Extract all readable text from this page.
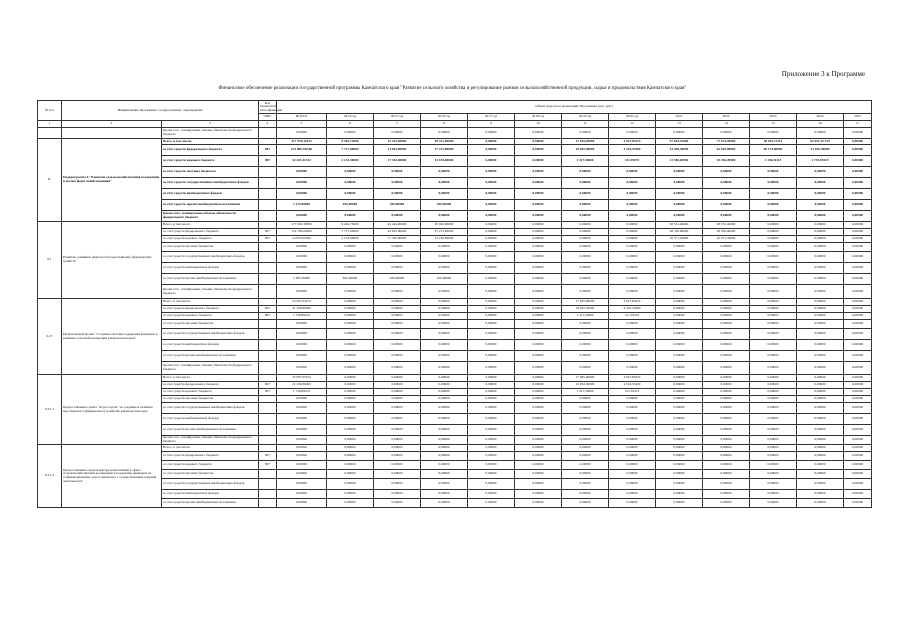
Приложение 3 к Программе
Финансовое обеспечение реализации государственной программы Камчатского края "Развитие сельского хозяйства и регулирование рынков сельскохозяйственной продукции, сырья и продовольствия Камчатского края"
№ п/п	Наименование Программы / подпрограммы / мероприятия		Код бюджетной классификации	Объем средств на реализацию Программы (тыс. руб.)												
			ГРБС	ВСЕГО	2014 год	2015 год	2016 год	2017 год	2018 год	2019 год	2020 год	2021	2022	2023	2024	2025
1	2	3	4	5	6	7	8	9	10	11	12	13	14	15	16	17
		Кроме того, планируемые объемы обязательств федерального бюджета		0,00000	0,00000	0,00000	0,00000	0,00000	0,00000	0,00000	0,00000	0,00000	0,00000	0,00000	0,00000	0,00000
6.	Подпрограмма 6 "Развитие сельскохозяйственной кооперации и малых форм хозяйствования"	Всего, в том числе:		317 978,42412	9 462,73000	42 424,00000	58 312,00000	0,00000	0,00000	27 635,02000	4 627,83474	97 644,32900	77 074,49900	85 691,21113	82 551,35 515	0,00000
		за счет средств федерального бюджета	807	274 860,700,00	7 717,00000	24 652,00000	37 213,00000	0,00000	0,00000	26 052,90000	4 316,53400	44 458,30000	62 816,90000	68 174,80000	51 816,30000	0,00000
		за счет средств краевого бюджета	807	42 201,41412	2 133,30000	17 323,00000	12 183,00000	0,00000	0,00000	1 417,50000	311,39074	13 386,02900	10 256,49900	1 436,31113	1 735,95515	0,00000
		за счет средств местных бюджетов		0,00000	0,00000	0,00000	0,00000	0,00000	0,00000	0,00000	0,00000	0,00000	0,00000	0,00000	0,00000	0,00000
		за счет средств государственных внебюджетных фондов		0,00000	0,00000	0,00000	0,00000	0,00000	0,00000	0,00000	0,00000	0,00000	0,00000	0,00000	0,00000	0,00000
		за счет средств внебюджетных фондов		0,00000	0,00000	0,00000	0,00000	0,00000	0,00000	0,00000	0,00000	0,00000	0,00000	0,00000	0,00000	0,00000
		за счет средств прочих внебюджетных источников		1 215,00000	655,00000	450,00000	450,00000	0,00000	0,00000	0,00000	0,00000	0,00000	0,00000	0,00000	0,00000	0,00000
		Кроме того, планируемые объемы обязательств федерального бюджета		0,00000	0,00000	0,00000	0,00000	0,00000	0,00000	0,00000	0,00000	0,00000	0,00000	0,00000	0,00000	0,00000
6.1	Развитие семейных ферм на базе крестьянских (фермерских) хозяйств	Всего, в том числе:		177 063,39830	9 462,73000	42 424,00000	50 042,00000	0,00000	0,00000	0,00000	0,00000	58 531,46900	28 572,42000	0,00000	0,00000	0,00000
		за счет средств федерального бюджета	807	152 790,00000	7 717,00000	24 652,00000	37 213,00000	0,00000	0,00000	0,00000	0,00000	28 700,00000	28 500,00000	0,00000	0,00000	0,00000
		за счет средств краевого бюджета	807	12 870,02500	2 133,00000	17 322,00000	12 183,00000	0,00000	0,00000	0,00000	0,00000	10 571,42800	10 071,42000	0,00000	0,00000	0,00000
		за счет средств местных бюджетов		0,00000	0,00000	0,00000	0,00000	0,00000	0,00000	0,00000	0,00000	0,00000	0,00000	0,00000	0,00000	0,00000
		за счет средств государственных внебюджетных фондов		0,00000	0,00000	0,00000	0,00000	0,00000	0,00000	0,00000	0,00000	0,00000	0,00000	0,00000	0,00000	0,00000
		за счет средств внебюджетных фондов		0,00000	0,00000	0,00000	0,00000	0,00000	0,00000	0,00000	0,00000	0,00000	0,00000	0,00000	0,00000	0,00000
		за счет средств прочих внебюджетных источников		1 385,30000	655,00000	450,00000	450,00000	0,00000	0,00000	0,00000	0,00000	0,00000	0,00000	0,00000	0,00000	0,00000
		Кроме того, планируемые объемы обязательств федерального бюджета		0,00000	0,00000	0,00000	0,00000	0,00000	0,00000	0,00000	0,00000	0,00000	0,00000	0,00000	0,00000	0,00000
6.1Т	Региональный проект "Создание системы поддержки фермеров и развитие сельской кооперации в Камчатском крае"	Всего, в том числе:		23 097,05474	0,00000	0,00000	0,00000	0,00000	0,00000	17 665,00000	4 627,83474	0,00000	0,00000	0,00000	0,00000	0,00000
		за счет средств федерального бюджета	807	21 196,80000	0,00000	0,00000	0,00000	0,00000	0,00000	16 952,50000	4 316,53400	0,00000	0,00000	0,00000	0,00000	0,00000
		за счет средств краевого бюджета	807	1 728,89474	0,00000	0,00000	0,00000	0,00000	0,00000	1 417,50000	311,39474	0,00000	0,00000	0,00000	0,00000	0,00000
		за счет средств местных бюджетов		0,00000	0,00000	0,00000	0,00000	0,00000	0,00000	0,00000	0,00000	0,00000	0,00000	0,00000	0,00000	0,00000
		за счет средств государственных внебюджетных фондов		0,00000	0,00000	0,00000	0,00000	0,00000	0,00000	0,00000	0,00000	0,00000	0,00000	0,00000	0,00000	0,00000
		за счет средств внебюджетных фондов		0,00000	0,00000	0,00000	0,00000	0,00000	0,00000	0,00000	0,00000	0,00000	0,00000	0,00000	0,00000	0,00000
		за счет средств прочих внебюджетных источников		0,00000	0,00000	0,00000	0,00000	0,00000	0,00000	0,00000	0,00000	0,00000	0,00000	0,00000	0,00000	0,00000
		Кроме того, планируемые объемы обязательств федерального бюджета		0,00000	0,00000	0,00000	0,00000	0,00000	0,00000	0,00000	0,00000	0,00000	0,00000	0,00000	0,00000	0,00000
6.Т1.1	Предоставление гранта "Агростартап" на создание и развитие крестьянского (фермерского) хозяйства в Камчатском крае	Всего, в том числе:		23 097,05474	0,00000	0,00000	0,00000	0,00000	0,00000	17 665,00000	4 627,83474	0,00000	0,00000	0,00000	0,00000	0,00000
		за счет средств федерального бюджета	807	21 196,80000	0,00000	0,00000	0,00000	0,00000	0,00000	16 952,50000	4 316,53400	0,00000	0,00000	0,00000	0,00000	0,00000
		за счет средств краевого бюджета	807	1 728,89474	0,00000	0,00000	0,00000	0,00000	0,00000	1 417,50000	311,39474	0,00000	0,00000	0,00000	0,00000	0,00000
		за счет средств местных бюджетов		0,00000	0,00000	0,00000	0,00000	0,00000	0,00000	0,00000	0,00000	0,00000	0,00000	0,00000	0,00000	0,00000
		за счет средств государственных внебюджетных фондов		0,00000	0,00000	0,00000	0,00000	0,00000	0,00000	0,00000	0,00000	0,00000	0,00000	0,00000	0,00000	0,00000
		за счет средств внебюджетных фондов		0,00000	0,00000	0,00000	0,00000	0,00000	0,00000	0,00000	0,00000	0,00000	0,00000	0,00000	0,00000	0,00000
		за счет средств прочих внебюджетных источников		0,00000	0,00000	0,00000	0,00000	0,00000	0,00000	0,00000	0,00000	0,00000	0,00000	0,00000	0,00000	0,00000
		Кроме того, планируемые объемы обязательств федерального бюджета		0,00000	0,00000	0,00000	0,00000	0,00000	0,00000	0,00000	0,00000	0,00000	0,00000	0,00000	0,00000	0,00000
6.Т1.2	Предоставление средств центру компетенций в сфере сельскохозяйственной кооперации и поддержки фермеров на софинансирование затрат связанных с осуществлением текущей деятельности	Всего, в том числе:		0,00000	0,00000	0,00000	0,00000	0,00000	0,00000	0,00000	0,00000	0,00000	0,00000	0,00000	0,00000	0,00000
		за счет средств федерального бюджета	807	0,00000	0,00000	0,00000	0,00000	0,00000	0,00000	0,00000	0,00000	0,00000	0,00000	0,00000	0,00000	0,00000
		за счет средств краевого бюджета	807	0,00000	0,00000	0,00000	0,00000	0,00000	0,00000	0,00000	0,00000	0,00000	0,00000	0,00000	0,00000	0,00000
		за счет средств местных бюджетов		0,00000	0,00000	0,00000	0,00000	0,00000	0,00000	0,00000	0,00000	0,00000	0,00000	0,00000	0,00000	0,00000
		за счет средств государственных внебюджетных фондов		0,00000	0,00000	0,00000	0,00000	0,00000	0,00000	0,00000	0,00000	0,00000	0,00000	0,00000	0,00000	0,00000
		за счет средств внебюджетных фондов		0,00000	0,00000	0,00000	0,00000	0,00000	0,00000	0,00000	0,00000	0,00000	0,00000	0,00000	0,00000	0,00000
		за счет средств прочих внебюджетных источников		0,00000	0,00000	0,00000	0,00000	0,00000	0,00000	0,00000	0,00000	0,00000	0,00000	0,00000	0,00000	0,00000
